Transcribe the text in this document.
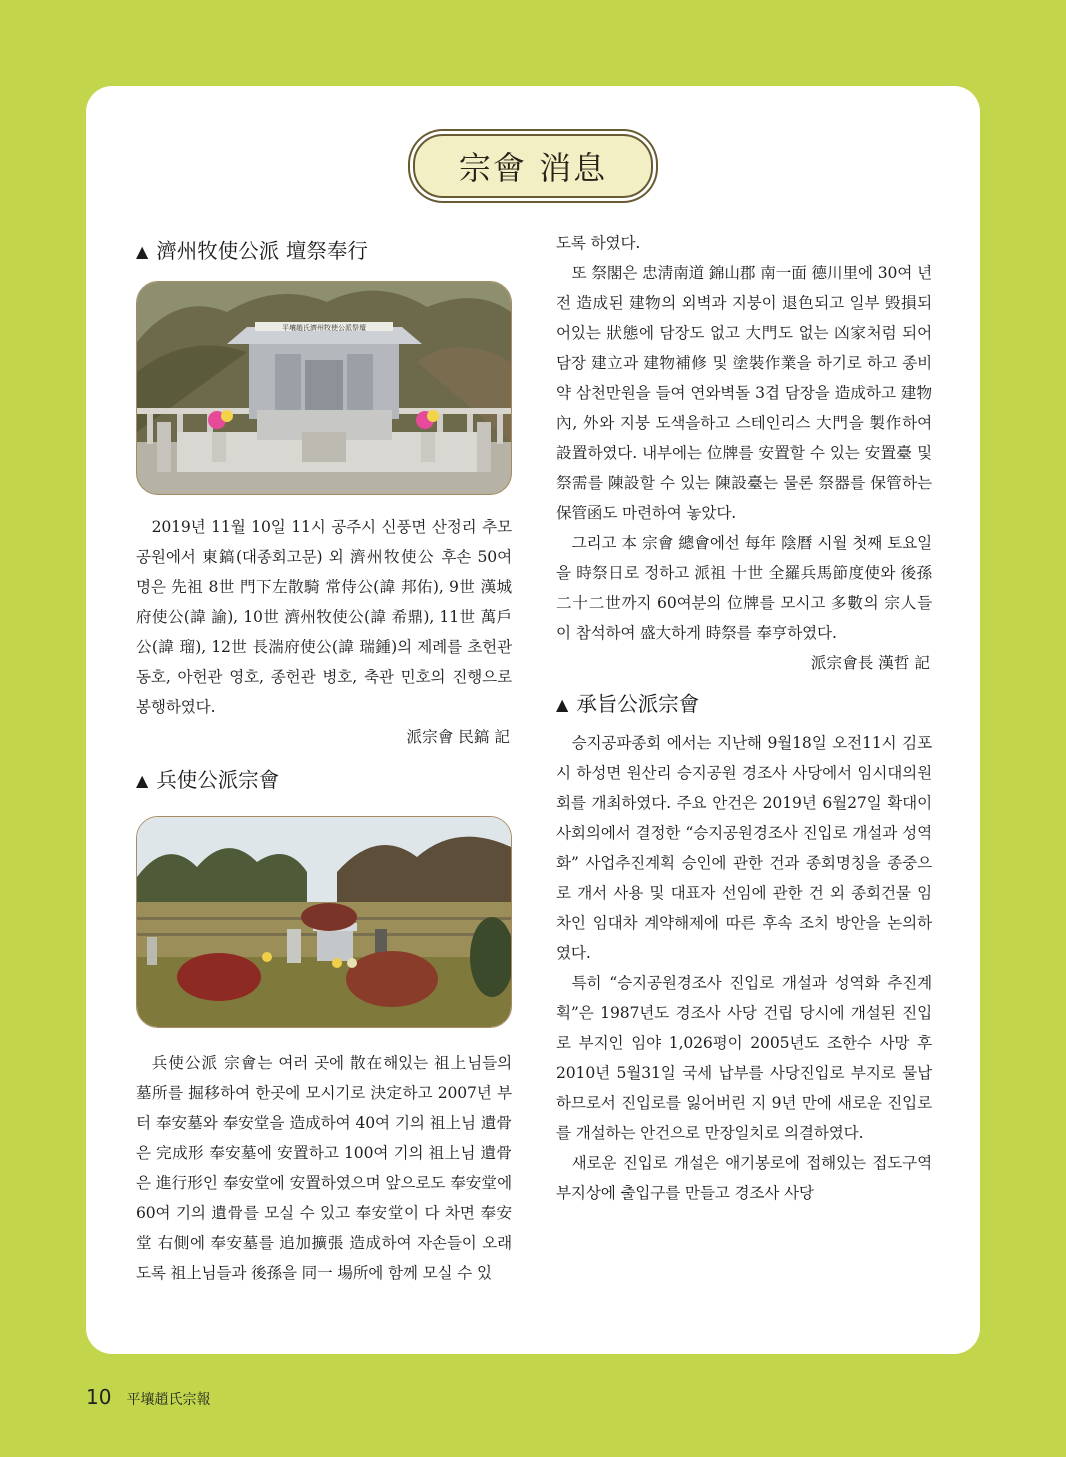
宗會 消息
▲ 濟州牧使公派 壇祭奉行
平壤趙氏濟州牧使公派祭壇

2019년 11월 10일 11시 공주시 신풍면 산정리 추모공원에서 東鎬(대종회고문) 외 濟州牧使公 후손 50여 명은 先祖 8世 門下左散騎 常侍公(諱 邦佑), 9世 漢城府使公(諱 諭), 10世 濟州牧使公(諱 希鼎), 11世 萬戶公(諱 瑠), 12世 長湍府使公(諱 瑞鍾)의 제례를 초헌관 동호, 아헌관 영호, 종헌관 병호, 축관 민호의 진행으로 봉행하였다.

派宗會 民鎬 記

▲ 兵使公派宗會

兵使公派 宗會는 여러 곳에 散在해있는 祖上님들의 墓所를 掘移하여 한곳에 모시기로 決定하고 2007년 부터 奉安墓와 奉安堂을 造成하여 40여 기의 祖上님 遺骨은 完成形 奉安墓에 安置하고 100여 기의 祖上님 遺骨은 進行形인 奉安堂에 安置하였으며 앞으로도 奉安堂에 60여 기의 遺骨를 모실 수 있고 奉安堂이 다 차면 奉安堂 右側에 奉安墓를 追加擴張 造成하여 자손들이 오래도록 祖上님들과 後孫을 同一 場所에 함께 모실 수 있

도록 하였다.

또 祭閣은 忠淸南道 錦山郡 南一面 德川里에 30여 년 전 造成된 建物의 외벽과 지붕이 退色되고 일부 毁損되어있는 狀態에 담장도 없고 大門도 없는 凶家처럼 되어 담장 建立과 建物補修 및 塗裝作業을 하기로 하고 종비 약 삼천만원을 들여 연와벽돌 3겹 담장을 造成하고 建物 內, 外와 지붕 도색을하고 스테인리스 大門을 製作하여 設置하였다. 내부에는 位牌를 安置할 수 있는 安置臺 및 祭需를 陳設할 수 있는 陳設臺는 물론 祭器를 保管하는 保管函도 마련하여 놓았다.

그리고 本 宗會 總會에선 每年 陰曆 시월 첫째 토요일을 時祭日로 정하고 派祖 十世 全羅兵馬節度使와 後孫 二十二世까지 60여분의 位牌를 모시고 多數의 宗人들이 참석하여 盛大하게 時祭를 奉亨하였다.

派宗會長 漢哲 記

▲ 承旨公派宗會

승지공파종회 에서는 지난해 9월18일 오전11시 김포시 하성면 원산리 승지공원 경조사 사당에서 임시대의원회를 개최하였다. 주요 안건은 2019년 6월27일 확대이사회의에서 결정한 “승지공원경조사 진입로 개설과 성역화” 사업추진계획 승인에 관한 건과 종회명칭을 종중으로 개서 사용 및 대표자 선임에 관한 건 외 종회건물 임차인 임대차 계약해제에 따른 후속 조치 방안을 논의하였다.

특히 “승지공원경조사 진입로 개설과 성역화 추진계획”은 1987년도 경조사 사당 건립 당시에 개설된 진입로 부지인 임야 1,026평이 2005년도 조한수 사망 후 2010년 5월31일 국세 납부를 사당진입로 부지로 물납하므로서 진입로를 잃어버린 지 9년 만에 새로운 진입로를 개설하는 안건으로 만장일치로 의결하였다.

새로운 진입로 개설은 애기봉로에 접해있는 접도구역 부지상에 출입구를 만들고 경조사 사당

10 平壤趙氏宗報
